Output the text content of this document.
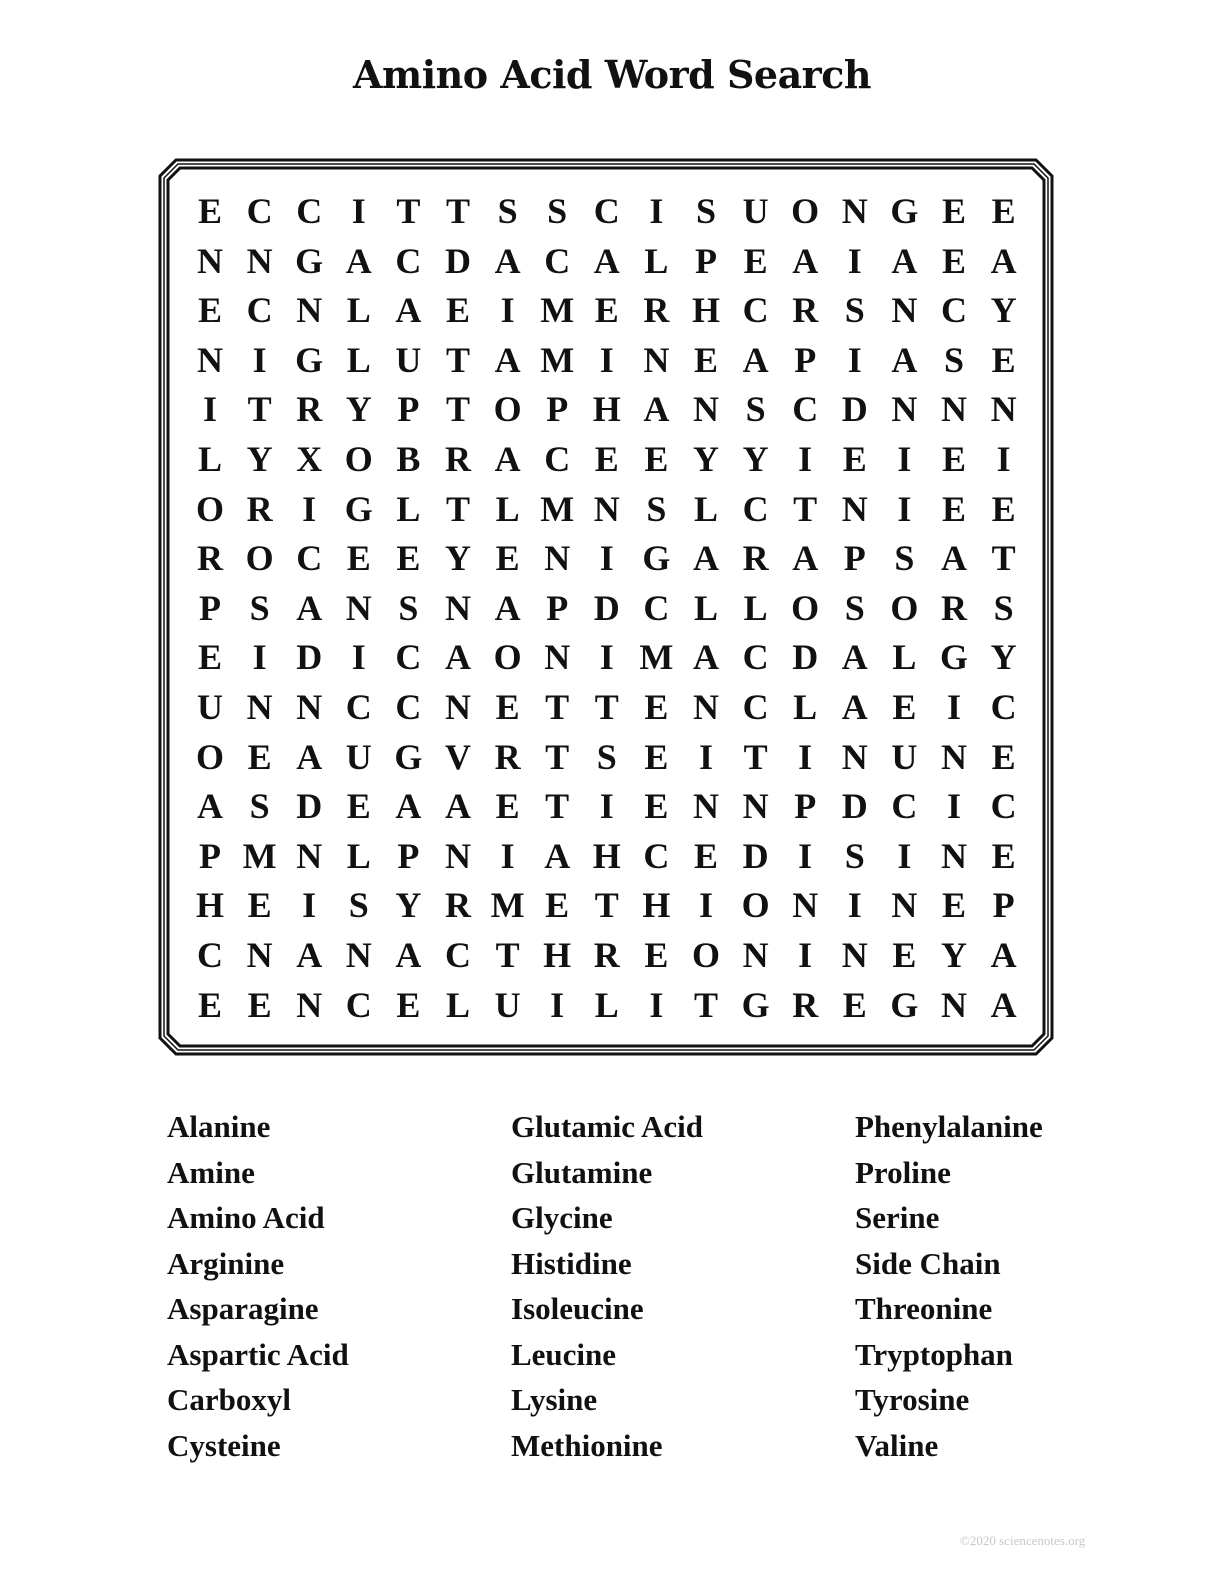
Amino Acid Word Search
E C C I T T S S C I S U O N G E E
N N G A C D A C A L P E A I A E A
E C N L A E I M E R H C R S N C Y
N I G L U T A M I N E A P I A S E
I T R Y P T O P H A N S C D N N N
L Y X O B R A C E E Y Y I E I E I
O R I G L T L M N S L C T N I E E
R O C E E Y E N I G A R A P S A T
P S A N S N A P D C L L O S O R S
E I D I C A O N I M A C D A L G Y
U N N C C N E T T E N C L A E I C
O E A U G V R T S E I T I N U N E
A S D E A A E T I E N N P D C I C
P M N L P N I A H C E D I S I N E
H E I S Y R M E T H I O N I N E P
C N A N A C T H R E O N I N E Y A
E E N C E L U I L I T G R E G N A
Alanine
Amine
Amino Acid
Arginine
Asparagine
Aspartic Acid
Carboxyl
Cysteine
Glutamic Acid
Glutamine
Glycine
Histidine
Isoleucine
Leucine
Lysine
Methionine
Phenylalanine
Proline
Serine
Side Chain
Threonine
Tryptophan
Tyrosine
Valine
©2020 sciencenotes.org
